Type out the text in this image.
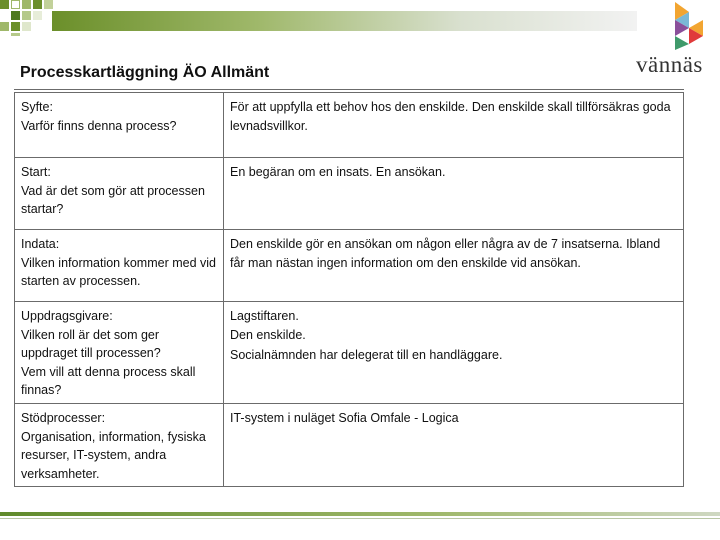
vännäs
Processkartläggning ÄO Allmänt
Syfte:
Varför finns denna process?	För att uppfylla ett behov hos den enskilde. Den enskilde skall tillförsäkras goda levnadsvillkor.

Start:
Vad är det som gör att processen startar?	En begäran om en insats. En ansökan.

Indata:
Vilken information kommer med vid starten av processen.	Den enskilde gör en ansökan om någon eller några av de 7 insatserna. Ibland får man nästan ingen information om den enskilde vid ansökan.

Uppdragsgivare:
Vilken roll är det som ger uppdraget till processen?
Vem vill att denna process skall finnas?	Lagstiftaren.
Den enskilde.
Socialnämnden har delegerat till en handläggare.

Stödprocesser:
Organisation, information, fysiska resurser, IT-system, andra verksamheter.	IT-system i nuläget Sofia Omfale - Logica
